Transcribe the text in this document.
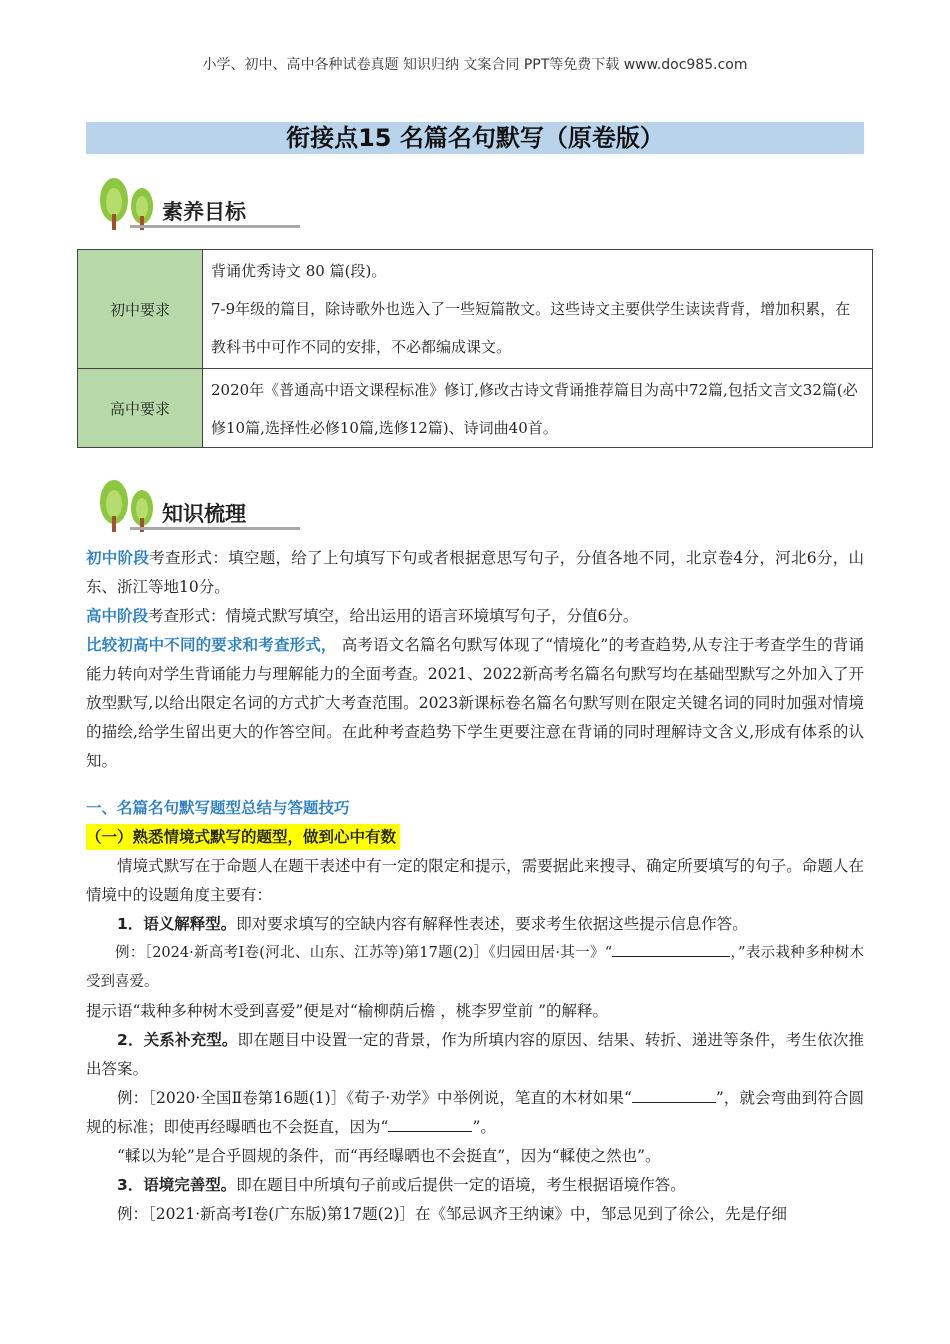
小学、初中、高中各种试卷真题 知识归纳 文案合同 PPT等免费下载 www.doc985.com
衔接点15 名篇名句默写（原卷版）
素养目标
初中要求	背诵优秀诗文 80 篇(段)。

7-9年级的篇目，除诗歌外也选入了一些短篇散文。这些诗文主要供学生读读背背，增加积累，在教科书中可作不同的安排，不必都编成课文。

高中要求	2020年《普通高中语文课程标准》修订,修改古诗文背诵推荐篇目为高中72篇,包括文言文32篇(必修10篇,选择性必修10篇,选修12篇)、诗词曲40首。

知识梳理

初中阶段考查形式：填空题，给了上句填写下句或者根据意思写句子，分值各地不同，北京卷4分，河北6分，山东、浙江等地10分。

高中阶段考查形式：情境式默写填空，给出运用的语言环境填写句子，分值6分。

比较初高中不同的要求和考查形式， 高考语文名篇名句默写体现了“情境化”的考查趋势,从专注于考查学生的背诵能力转向对学生背诵能力与理解能力的全面考查。2021、2022新高考名篇名句默写均在基础型默写之外加入了开放型默写,以给出限定名词的方式扩大考查范围。2023新课标卷名篇名句默写则在限定关键名词的同时加强对情境的描绘,给学生留出更大的作答空间。在此种考查趋势下学生更要注意在背诵的同时理解诗文含义,形成有体系的认知。

一、名篇名句默写题型总结与答题技巧
（一）熟悉情境式默写的题型，做到心中有数

情境式默写在于命题人在题干表述中有一定的限定和提示，需要据此来搜寻、确定所要填写的句子。命题人在情境中的设题角度主要有：

1．语义解释型。即对要求填写的空缺内容有解释性表述，要求考生依据这些提示信息作答。

例：［2024·新高考Ⅰ卷(河北、山东、江苏等)第17题(2)］《归园田居·其一》“	，”表示栽种多种树木受到喜爱。

提示语“栽种多种树木受到喜爱”便是对“榆柳荫后檐 ，桃李罗堂前 ”的解释。

2．关系补充型。即在题目中设置一定的背景，作为所填内容的原因、结果、转折、递进等条件，考生依次推出答案。

例：［2020·全国Ⅱ卷第16题(1)］《荀子·劝学》中举例说，笔直的木材如果“	”，就会弯曲到符合圆规的标准；即使再经曝晒也不会挺直，因为“	”。

“輮以为轮”是合乎圆规的条件，而“再经曝晒也不会挺直”，因为“輮使之然也”。

3．语境完善型。即在题目中所填句子前或后提供一定的语境，考生根据语境作答。

例：［2021·新高考Ⅰ卷(广东版)第17题(2)］在《邹忌讽齐王纳谏》中，邹忌见到了徐公，先是仔细
